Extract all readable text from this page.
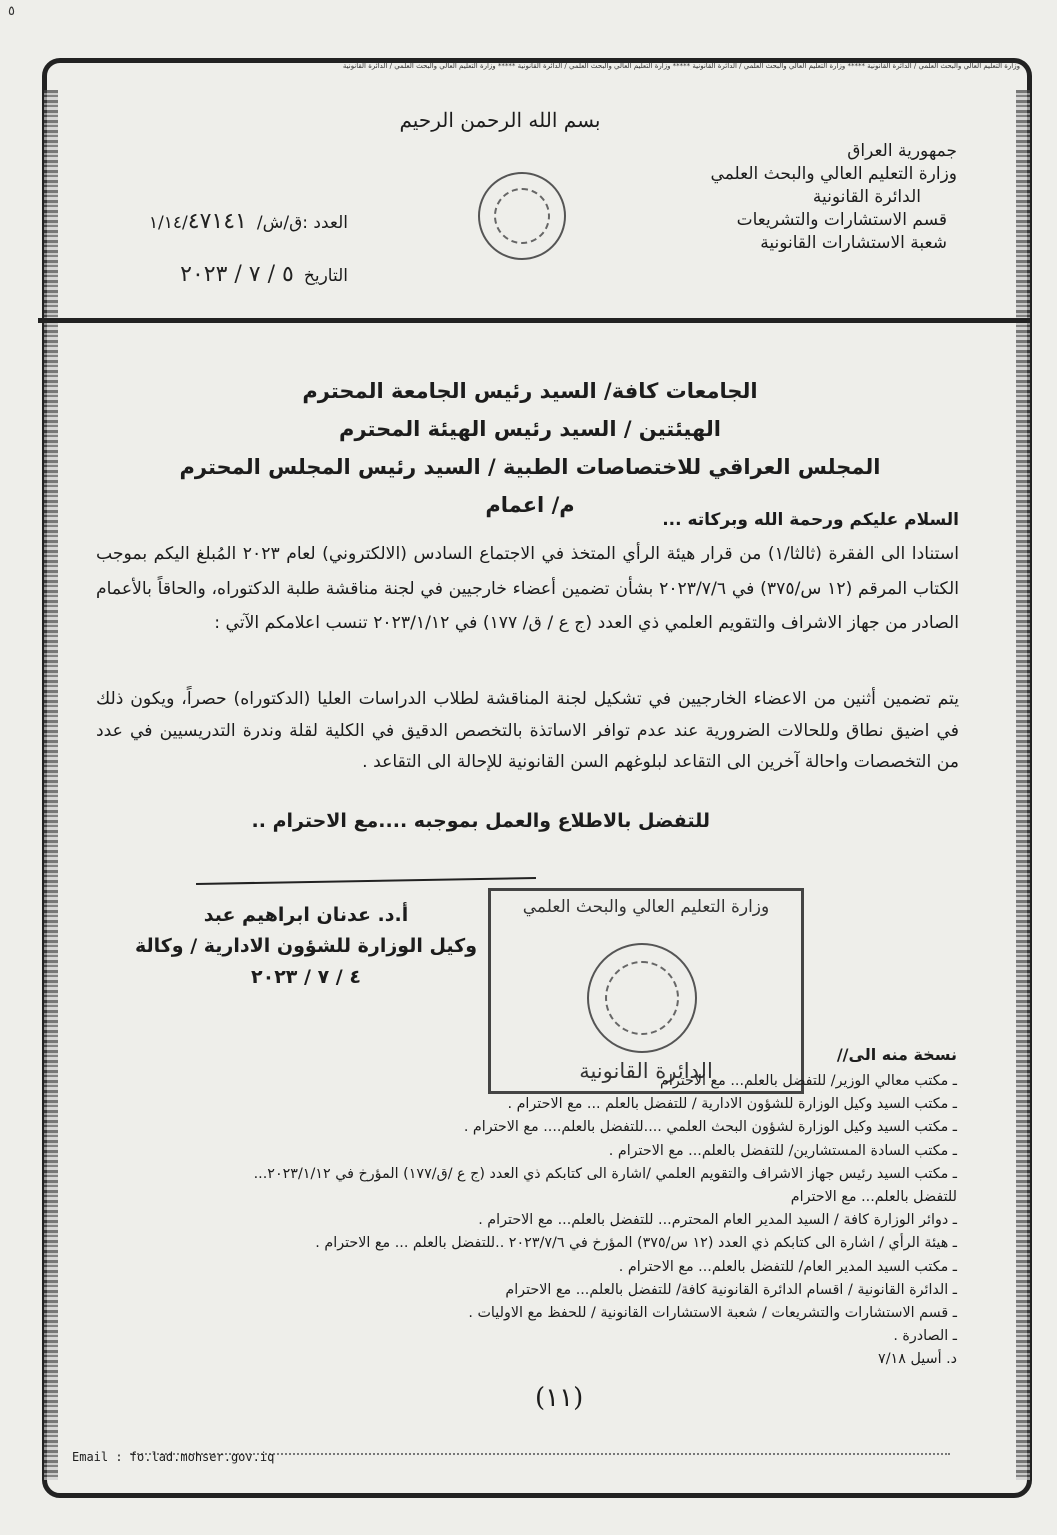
٥
وزارة التعليم العالي والبحث العلمي / الدائرة القانونية ***** وزارة التعليم العالي والبحث العلمي / الدائرة القانونية ***** وزارة التعليم العالي والبحث العلمي / الدائرة القانونية ***** وزارة التعليم العالي والبحث العلمي / الدائرة القانونية
بسم الله الرحمن الرحيم
جمهورية العراق
وزارة التعليم العالي والبحث العلمي
الدائرة القانونية
قسم الاستشارات والتشريعات
شعبة الاستشارات القانونية
العدد :ق/ش/١/١٤/٤٧١٤١
التاريخ٥ / ٧ / ٢٠٢٣
الجامعات كافة/ السيد رئيس الجامعة المحترم
الهيئتين / السيد رئيس الهيئة المحترم
المجلس العراقي للاختصاصات الطبية / السيد رئيس المجلس المحترم
م/ اعمام
السلام عليكم ورحمة الله وبركاته ...
استنادا الى الفقرة (ثالثا/١) من قرار هيئة الرأي المتخذ في الاجتماع السادس (الالكتروني) لعام ٢٠٢٣ المُبلغ اليكم بموجب الكتاب المرقم (١٢ س/٣٧٥) في ٢٠٢٣/٧/٦ بشأن تضمين أعضاء خارجيين في لجنة مناقشة طلبة الدكتوراه، والحاقاً بالأعمام الصادر من جهاز الاشراف والتقويم العلمي ذي العدد (ج ع / ق/ ١٧٧) في ٢٠٢٣/١/١٢ تنسب اعلامكم الآتي :
يتم تضمين أثنين من الاعضاء الخارجيين في تشكيل لجنة المناقشة لطلاب الدراسات العليا (الدكتوراه) حصراً، ويكون ذلك في اضيق نطاق وللحالات الضرورية عند عدم توافر الاساتذة بالتخصص الدقيق في الكلية لقلة وندرة التدريسيين في عدد من التخصصات واحالة آخرين الى التقاعد لبلوغهم السن القانونية للإحالة الى التقاعد .
للتفضل بالاطلاع والعمل بموجبه ....مع الاحترام ..
أ.د. عدنان ابراهيم عبد
وكيل الوزارة للشؤون الادارية / وكالة
٤ / ٧ / ٢٠٢٣
وزارة التعليم العالي والبحث العلمي
الدائرة القانونية
نسخة منه الى//
ـ مكتب معالي الوزير/ للتفضل بالعلم... مع الاحترام
ـ مكتب السيد وكيل الوزارة للشؤون الادارية / للتفضل بالعلم ... مع الاحترام .
ـ مكتب السيد وكيل الوزارة لشؤون البحث العلمي ....للتفضل بالعلم.... مع الاحترام .
ـ مكتب السادة المستشارين/ للتفضل بالعلم... مع الاحترام .
ـ مكتب السيد رئيس جهاز الاشراف والتقويم العلمي /اشارة الى كتابكم ذي العدد (ج ع /ق/١٧٧) المؤرخ في ٢٠٢٣/١/١٢...
للتفضل بالعلم... مع الاحترام
ـ دوائر الوزارة كافة / السيد المدير العام المحترم... للتفضل بالعلم... مع الاحترام .
ـ هيئة الرأي / اشارة الى كتابكم ذي العدد (١٢ س/٣٧٥) المؤرخ في ٢٠٢٣/٧/٦ ..للتفضل بالعلم ... مع الاحترام .
ـ مكتب السيد المدير العام/ للتفضل بالعلم... مع الاحترام .
ـ الدائرة القانونية / اقسام الدائرة القانونية كافة/ للتفضل بالعلم... مع الاحترام
ـ قسم الاستشارات والتشريعات / شعبة الاستشارات القانونية / للحفظ مع الاوليات .
ـ الصادرة .
د. أسيل ٧/١٨
(١١)
Email : fo.lad.mohser.gov.iq
